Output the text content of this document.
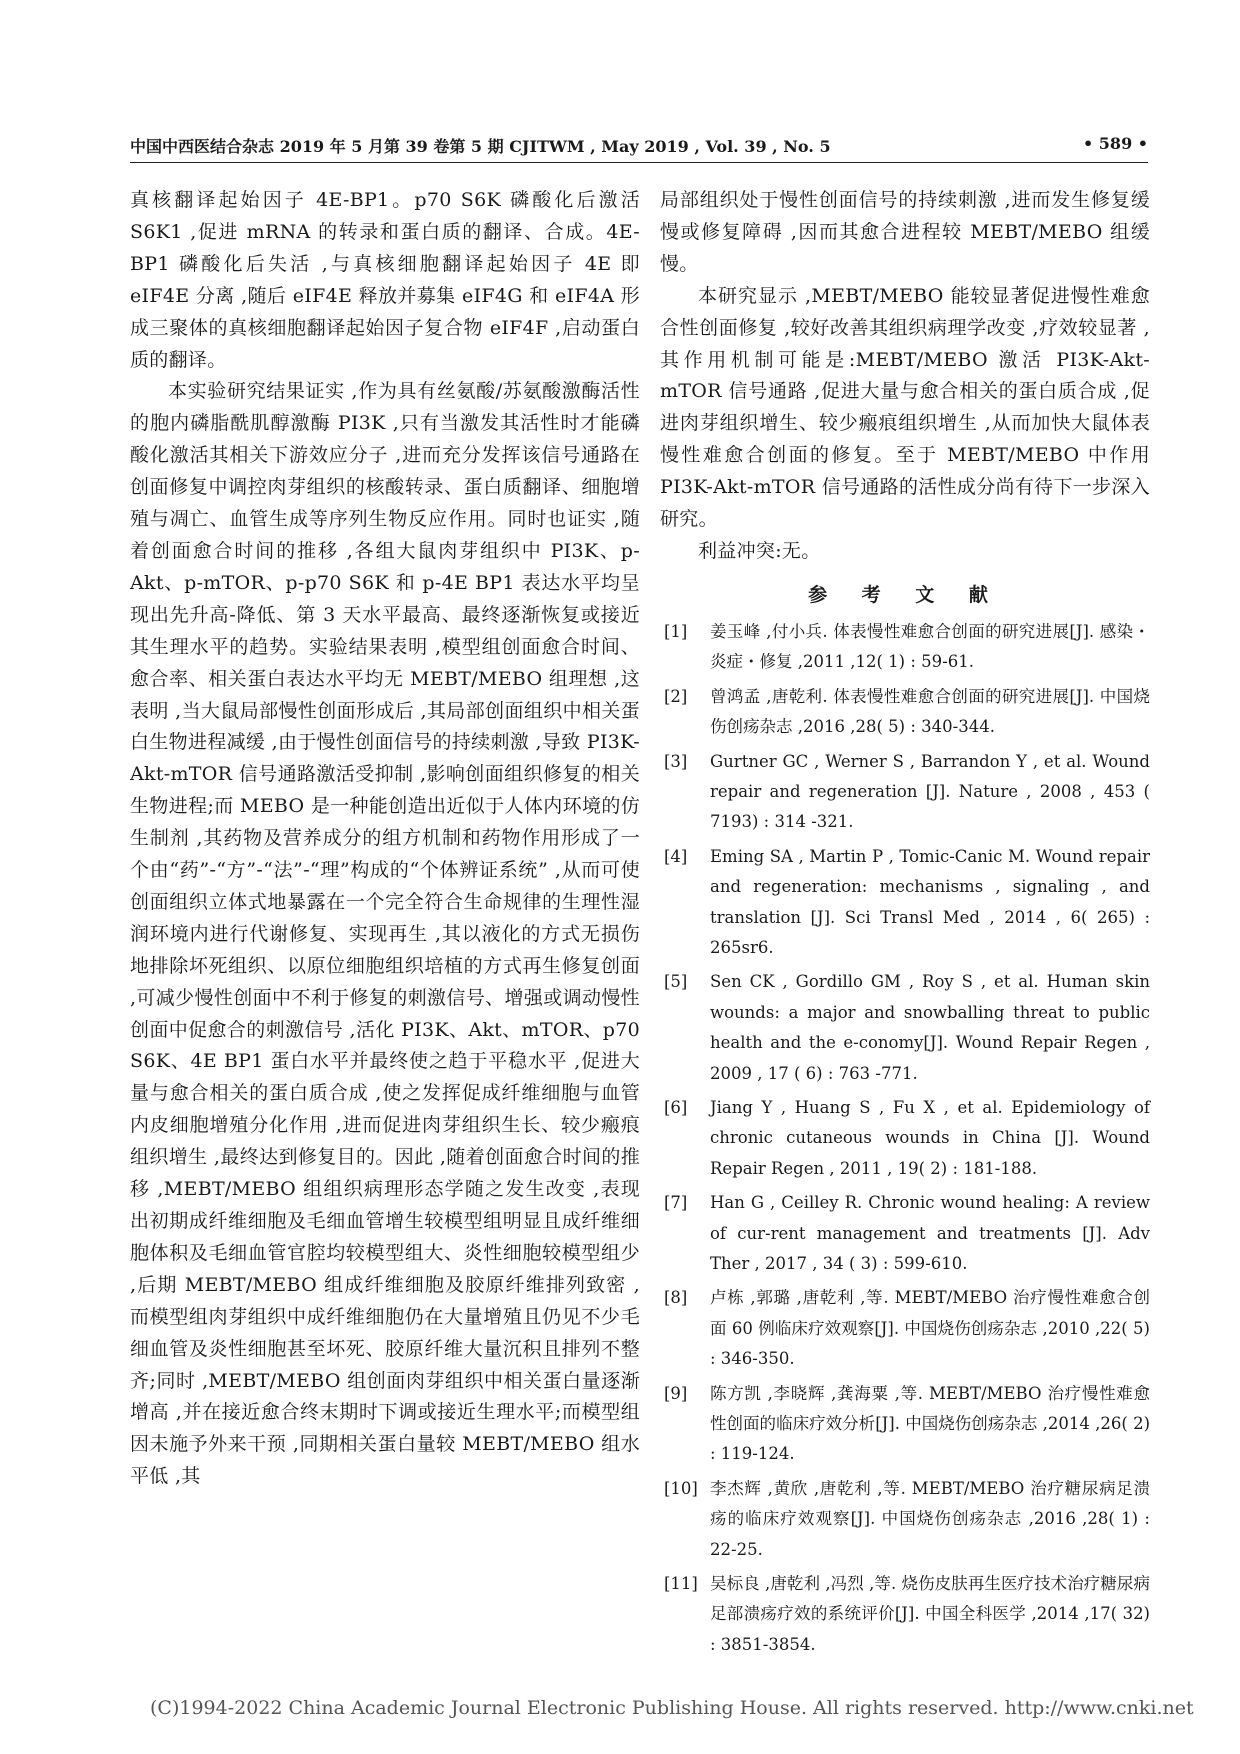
中国中西医结合杂志 2019 年 5 月第 39 卷第 5 期 CJITWM , May 2019 , Vol. 39 , No. 5	• 589 •

真核翻译起始因子 4E-BP1。p70 S6K 磷酸化后激活 S6K1 ,促进 mRNA 的转录和蛋白质的翻译、合成。4E-BP1 磷酸化后失活 ,与真核细胞翻译起始因子 4E 即 eIF4E 分离 ,随后 eIF4E 释放并募集 eIF4G 和 eIF4A 形成三聚体的真核细胞翻译起始因子复合物 eIF4F ,启动蛋白质的翻译。

本实验研究结果证实 ,作为具有丝氨酸/苏氨酸激酶活性的胞内磷脂酰肌醇激酶 PI3K ,只有当激发其活性时才能磷酸化激活其相关下游效应分子 ,进而充分发挥该信号通路在创面修复中调控肉芽组织的核酸转录、蛋白质翻译、细胞增殖与凋亡、血管生成等序列生物反应作用。同时也证实 ,随着创面愈合时间的推移 ,各组大鼠肉芽组织中 PI3K、p-Akt、p-mTOR、p-p70 S6K 和 p-4E BP1 表达水平均呈现出先升高-降低、第 3 天水平最高、最终逐渐恢复或接近其生理水平的趋势。实验结果表明 ,模型组创面愈合时间、愈合率、相关蛋白表达水平均无 MEBT/MEBO 组理想 ,这表明 ,当大鼠局部慢性创面形成后 ,其局部创面组织中相关蛋白生物进程减缓 ,由于慢性创面信号的持续刺激 ,导致 PI3K-Akt-mTOR 信号通路激活受抑制 ,影响创面组织修复的相关生物进程;而 MEBO 是一种能创造出近似于人体内环境的仿生制剂 ,其药物及营养成分的组方机制和药物作用形成了一个由“药”-“方”-“法”-“理”构成的“个体辨证系统” ,从而可使创面组织立体式地暴露在一个完全符合生命规律的生理性湿润环境内进行代谢修复、实现再生 ,其以液化的方式无损伤地排除坏死组织、以原位细胞组织培植的方式再生修复创面 ,可减少慢性创面中不利于修复的刺激信号、增强或调动慢性创面中促愈合的刺激信号 ,活化 PI3K、Akt、mTOR、p70 S6K、4E BP1 蛋白水平并最终使之趋于平稳水平 ,促进大量与愈合相关的蛋白质合成 ,使之发挥促成纤维细胞与血管内皮细胞增殖分化作用 ,进而促进肉芽组织生长、较少瘢痕组织增生 ,最终达到修复目的。因此 ,随着创面愈合时间的推移 ,MEBT/MEBO 组组织病理形态学随之发生改变 ,表现出初期成纤维细胞及毛细血管增生较模型组明显且成纤维细胞体积及毛细血管官腔均较模型组大、炎性细胞较模型组少 ,后期 MEBT/MEBO 组成纤维细胞及胶原纤维排列致密 ,而模型组肉芽组织中成纤维细胞仍在大量增殖且仍见不少毛细血管及炎性细胞甚至坏死、胶原纤维大量沉积且排列不整齐;同时 ,MEBT/MEBO 组创面肉芽组织中相关蛋白量逐渐增高 ,并在接近愈合终末期时下调或接近生理水平;而模型组因未施予外来干预 ,同期相关蛋白量较 MEBT/MEBO 组水平低 ,其

局部组织处于慢性创面信号的持续刺激 ,进而发生修复缓慢或修复障碍 ,因而其愈合进程较 MEBT/MEBO 组缓慢。

本研究显示 ,MEBT/MEBO 能较显著促进慢性难愈合性创面修复 ,较好改善其组织病理学改变 ,疗效较显著 ,其作用机制可能是:MEBT/MEBO 激活 PI3K-Akt-mTOR 信号通路 ,促进大量与愈合相关的蛋白质合成 ,促进肉芽组织增生、较少瘢痕组织增生 ,从而加快大鼠体表慢性难愈合创面的修复。至于 MEBT/MEBO 中作用 PI3K-Akt-mTOR 信号通路的活性成分尚有待下一步深入研究。

利益冲突:无。

参 考 文 献
[1] 姜玉峰 ,付小兵. 体表慢性难愈合创面的研究进展[J]. 感染・炎症・修复 ,2011 ,12( 1) : 59-61.
[2] 曾鸿孟 ,唐乾利. 体表慢性难愈合创面的研究进展[J]. 中国烧伤创疡杂志 ,2016 ,28( 5) : 340-344.
[3] Gurtner GC , Werner S , Barrandon Y , et al. Wound repair and regeneration [J]. Nature , 2008 , 453 ( 7193) : 314 -321.
[4] Eming SA , Martin P , Tomic-Canic M. Wound repair and regeneration: mechanisms , signaling , and translation [J]. Sci Transl Med , 2014 , 6( 265) : 265sr6.
[5] Sen CK , Gordillo GM , Roy S , et al. Human skin wounds: a major and snowballing threat to public health and the e-conomy[J]. Wound Repair Regen , 2009 , 17 ( 6) : 763 -771.
[6] Jiang Y , Huang S , Fu X , et al. Epidemiology of chronic cutaneous wounds in China [J]. Wound Repair Regen , 2011 , 19( 2) : 181-188.
[7] Han G , Ceilley R. Chronic wound healing: A review of cur-rent management and treatments [J]. Adv Ther , 2017 , 34 ( 3) : 599-610.
[8] 卢栋 ,郭璐 ,唐乾利 ,等. MEBT/MEBO 治疗慢性难愈合创面 60 例临床疗效观察[J]. 中国烧伤创疡杂志 ,2010 ,22( 5) : 346-350.
[9] 陈方凯 ,李晓辉 ,龚海粟 ,等. MEBT/MEBO 治疗慢性难愈性创面的临床疗效分析[J]. 中国烧伤创疡杂志 ,2014 ,26( 2) : 119-124.
[10] 李杰辉 ,黄欣 ,唐乾利 ,等. MEBT/MEBO 治疗糖尿病足溃疡的临床疗效观察[J]. 中国烧伤创疡杂志 ,2016 ,28( 1) : 22-25.
[11] 吴标良 ,唐乾利 ,冯烈 ,等. 烧伤皮肤再生医疗技术治疗糖尿病足部溃疡疗效的系统评价[J]. 中国全科医学 ,2014 ,17( 32) : 3851-3854.
(C)1994-2022 China Academic Journal Electronic Publishing House. All rights reserved. http://www.cnki.net
